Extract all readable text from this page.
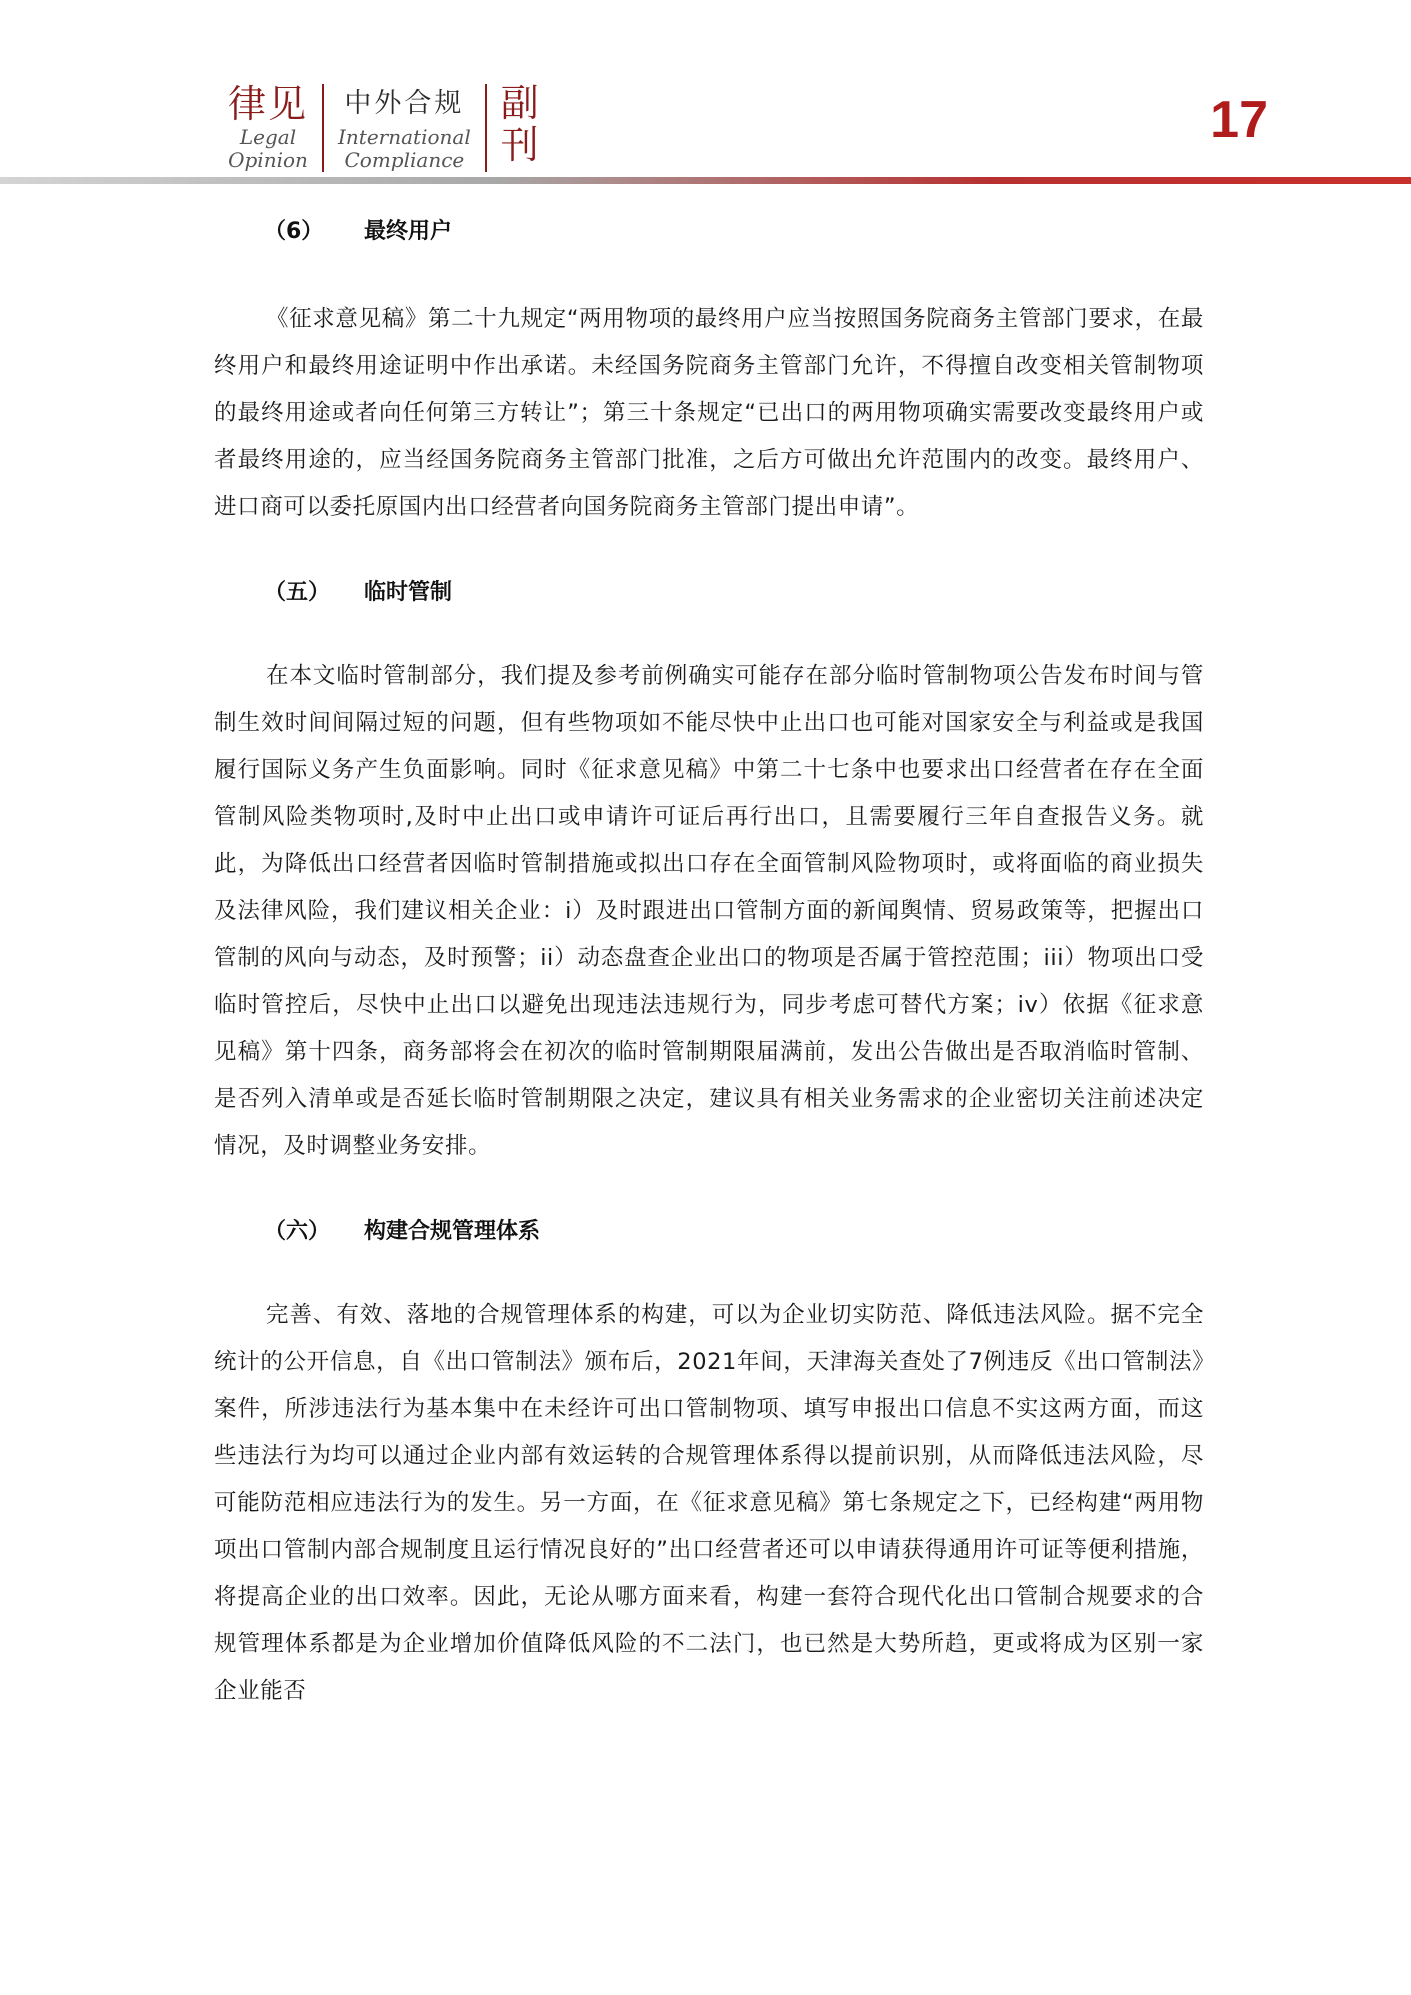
律见
Legal
Opinion
中外合规
International
Compliance
副
刊	17
（6）	最终用户

《征求意见稿》第二十九规定“两用物项的最终用户应当按照国务院商务主管部门要求，在最终用户和最终用途证明中作出承诺。未经国务院商务主管部门允许，不得擅自改变相关管制物项的最终用途或者向任何第三方转让”；第三十条规定“已出口的两用物项确实需要改变最终用户或者最终用途的，应当经国务院商务主管部门批准，之后方可做出允许范围内的改变。最终用户、进口商可以委托原国内出口经营者向国务院商务主管部门提出申请”。

（五）	临时管制

在本文临时管制部分，我们提及参考前例确实可能存在部分临时管制物项公告发布时间与管制生效时间间隔过短的问题，但有些物项如不能尽快中止出口也可能对国家安全与利益或是我国履行国际义务产生负面影响。同时《征求意见稿》中第二十七条中也要求出口经营者在存在全面管制风险类物项时,及时中止出口或申请许可证后再行出口，且需要履行三年自查报告义务。就此，为降低出口经营者因临时管制措施或拟出口存在全面管制风险物项时，或将面临的商业损失及法律风险，我们建议相关企业：i）及时跟进出口管制方面的新闻舆情、贸易政策等，把握出口管制的风向与动态，及时预警；ii）动态盘查企业出口的物项是否属于管控范围；iii）物项出口受临时管控后，尽快中止出口以避免出现违法违规行为，同步考虑可替代方案；iv）依据《征求意见稿》第十四条，商务部将会在初次的临时管制期限届满前，发出公告做出是否取消临时管制、是否列入清单或是否延长临时管制期限之决定，建议具有相关业务需求的企业密切关注前述决定情况，及时调整业务安排。

（六）	构建合规管理体系

完善、有效、落地的合规管理体系的构建，可以为企业切实防范、降低违法风险。据不完全统计的公开信息，自《出口管制法》颁布后，2021年间，天津海关查处了7例违反《出口管制法》案件，所涉违法行为基本集中在未经许可出口管制物项、填写申报出口信息不实这两方面，而这些违法行为均可以通过企业内部有效运转的合规管理体系得以提前识别，从而降低违法风险，尽可能防范相应违法行为的发生。另一方面，在《征求意见稿》第七条规定之下，已经构建“两用物项出口管制内部合规制度且运行情况良好的”出口经营者还可以申请获得通用许可证等便利措施，将提高企业的出口效率。因此，无论从哪方面来看，构建一套符合现代化出口管制合规要求的合规管理体系都是为企业增加价值降低风险的不二法门，也已然是大势所趋，更或将成为区别一家企业能否
